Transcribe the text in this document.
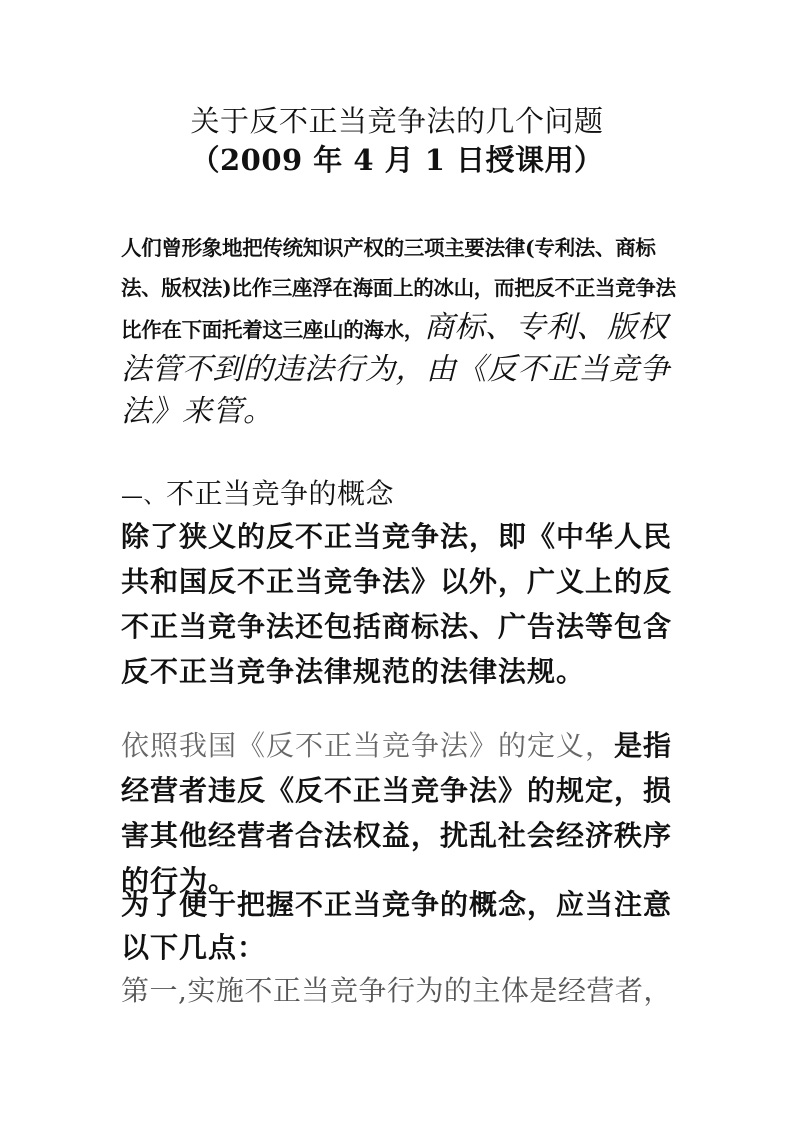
关于反不正当竞争法的几个问题
（2009 年 4 月 1 日授课用）
人们曾形象地把传统知识产权的三项主要法律(专利法、商标法、版权法)比作三座浮在海面上的冰山，而把反不正当竞争法比作在下面托着这三座山的海水，商标、专利、版权法管不到的违法行为，由《反不正当竞争法》来管。
—、不正当竞争的概念
除了狭义的反不正当竞争法，即《中华人民共和国反不正当竞争法》以外，广义上的反不正当竞争法还包括商标法、广告法等包含反不正当竞争法律规范的法律法规。
依照我国《反不正当竞争法》的定义，是指经营者违反《反不正当竞争法》的规定，损害其他经营者合法权益，扰乱社会经济秩序的行为。
为了便于把握不正当竞争的概念，应当注意以下几点：
第一,实施不正当竞争行为的主体是经营者，
